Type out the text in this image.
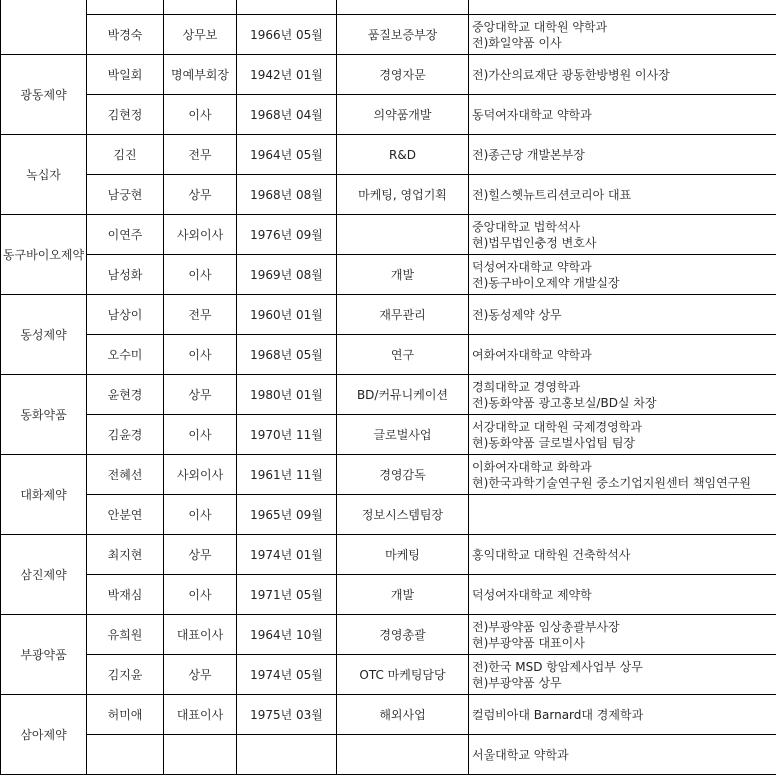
	박경숙	상무보	1966년 05월	품질보증부장	중앙대학교 대학원 약학과
전)화일약품 이사

광동제약	박일회	명예부회장	1942년 01월	경영자문	전)가산의료재단 광동한방병원 이사장

	김현정	이사	1968년 04월	의약품개발	동덕여자대학교 약학과

녹십자	김진	전무	1964년 05월	R&D	전)종근당 개발본부장

	남궁현	상무	1968년 08월	마케팅, 영업기획	전)힐스헷뉴트리션코리아 대표

동구바이오제약	이연주	사외이사	1976년 09월		중앙대학교 법학석사
현)법무법인충정 변호사

	남성화	이사	1969년 08월	개발	덕성여자대학교 약학과
전)동구바이오제약 개발실장

동성제약	남상이	전무	1960년 01월	재무관리	전)동성제약 상무

	오수미	이사	1968년 05월	연구	여화여자대학교 약학과

동화약품	윤현경	상무	1980년 01월	BD/커뮤니케이션	경희대학교 경영학과
전)동화약품 광고홍보실/BD실 차장

	김윤경	이사	1970년 11월	글로벌사업	서강대학교 대학원 국제경영학과
현)동화약품 글로벌사업팀 팀장

대화제약	전혜선	사외이사	1961년 11월	경영감독	이화여자대학교 화학과
현)한국과학기술연구원 중소기업지원센터 책임연구원

	안분연	이사	1965년 09월	정보시스템팀장	
삼진제약	최지현	상무	1974년 01월	마케팅	홍익대학교 대학원 건축학석사

	박재심	이사	1971년 05월	개발	덕성여자대학교 제약학

부광약품	유희원	대표이사	1964년 10월	경영총괄	전)부광약품 임상총괄부사장
현)부광약품 대표이사

	김지윤	상무	1974년 05월	OTC 마케팅담당	전)한국 MSD 항암제사업부 상무
현)부광약품 상무

삼아제약	허미애	대표이사	1975년 03월	해외사업	컬럼비아대 Barnard대 경제학과

					서울대학교 약학과
